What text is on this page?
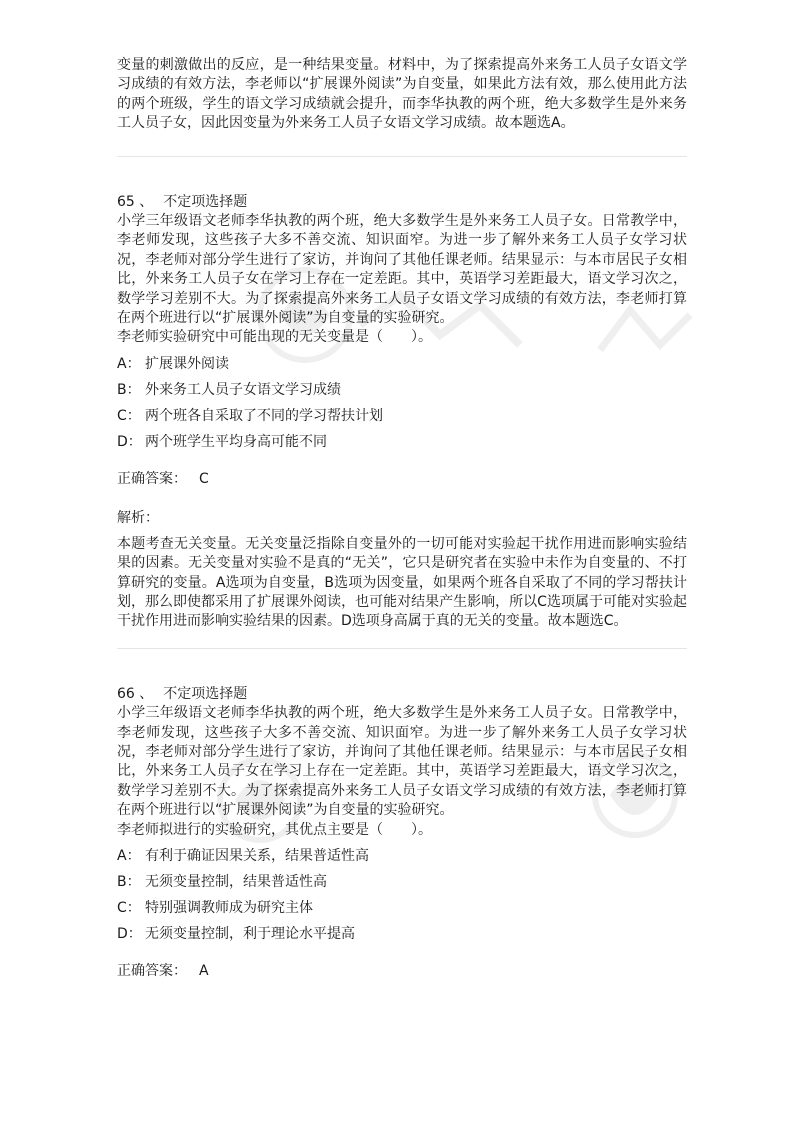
变量的刺激做出的反应，是一种结果变量。材料中，为了探索提高外来务工人员子女语文学习成绩的有效方法，李老师以“扩展课外阅读”为自变量，如果此方法有效，那么使用此方法的两个班级，学生的语文学习成绩就会提升，而李华执教的两个班，绝大多数学生是外来务工人员子女，因此因变量为外来务工人员子女语文学习成绩。故本题选A。

65 、 不定项选择题

小学三年级语文老师李华执教的两个班，绝大多数学生是外来务工人员子女。日常教学中，李老师发现，这些孩子大多不善交流、知识面窄。为进一步了解外来务工人员子女学习状况，李老师对部分学生进行了家访，并询问了其他任课老师。结果显示：与本市居民子女相比，外来务工人员子女在学习上存在一定差距。其中，英语学习差距最大，语文学习次之，数学学习差别不大。为了探索提高外来务工人员子女语文学习成绩的有效方法，李老师打算在两个班进行以“扩展课外阅读”为自变量的实验研究。

李老师实验研究中可能出现的无关变量是（　　）。

A： 扩展课外阅读

B： 外来务工人员子女语文学习成绩

C： 两个班各自采取了不同的学习帮扶计划

D： 两个班学生平均身高可能不同

正确答案： C

解析：

本题考查无关变量。无关变量泛指除自变量外的一切可能对实验起干扰作用进而影响实验结果的因素。无关变量对实验不是真的“无关”，它只是研究者在实验中未作为自变量的、不打算研究的变量。A选项为自变量，B选项为因变量，如果两个班各自采取了不同的学习帮扶计划，那么即使都采用了扩展课外阅读，也可能对结果产生影响，所以C选项属于可能对实验起干扰作用进而影响实验结果的因素。D选项身高属于真的无关的变量。故本题选C。

66 、 不定项选择题

小学三年级语文老师李华执教的两个班，绝大多数学生是外来务工人员子女。日常教学中，李老师发现，这些孩子大多不善交流、知识面窄。为进一步了解外来务工人员子女学习状况，李老师对部分学生进行了家访，并询问了其他任课老师。结果显示：与本市居民子女相比，外来务工人员子女在学习上存在一定差距。其中，英语学习差距最大，语文学习次之，数学学习差别不大。为了探索提高外来务工人员子女语文学习成绩的有效方法，李老师打算在两个班进行以“扩展课外阅读”为自变量的实验研究。

李老师拟进行的实验研究，其优点主要是（　　）。

A： 有利于确证因果关系，结果普适性高

B： 无须变量控制，结果普适性高

C： 特别强调教师成为研究主体

D： 无须变量控制，利于理论水平提高

正确答案： A
